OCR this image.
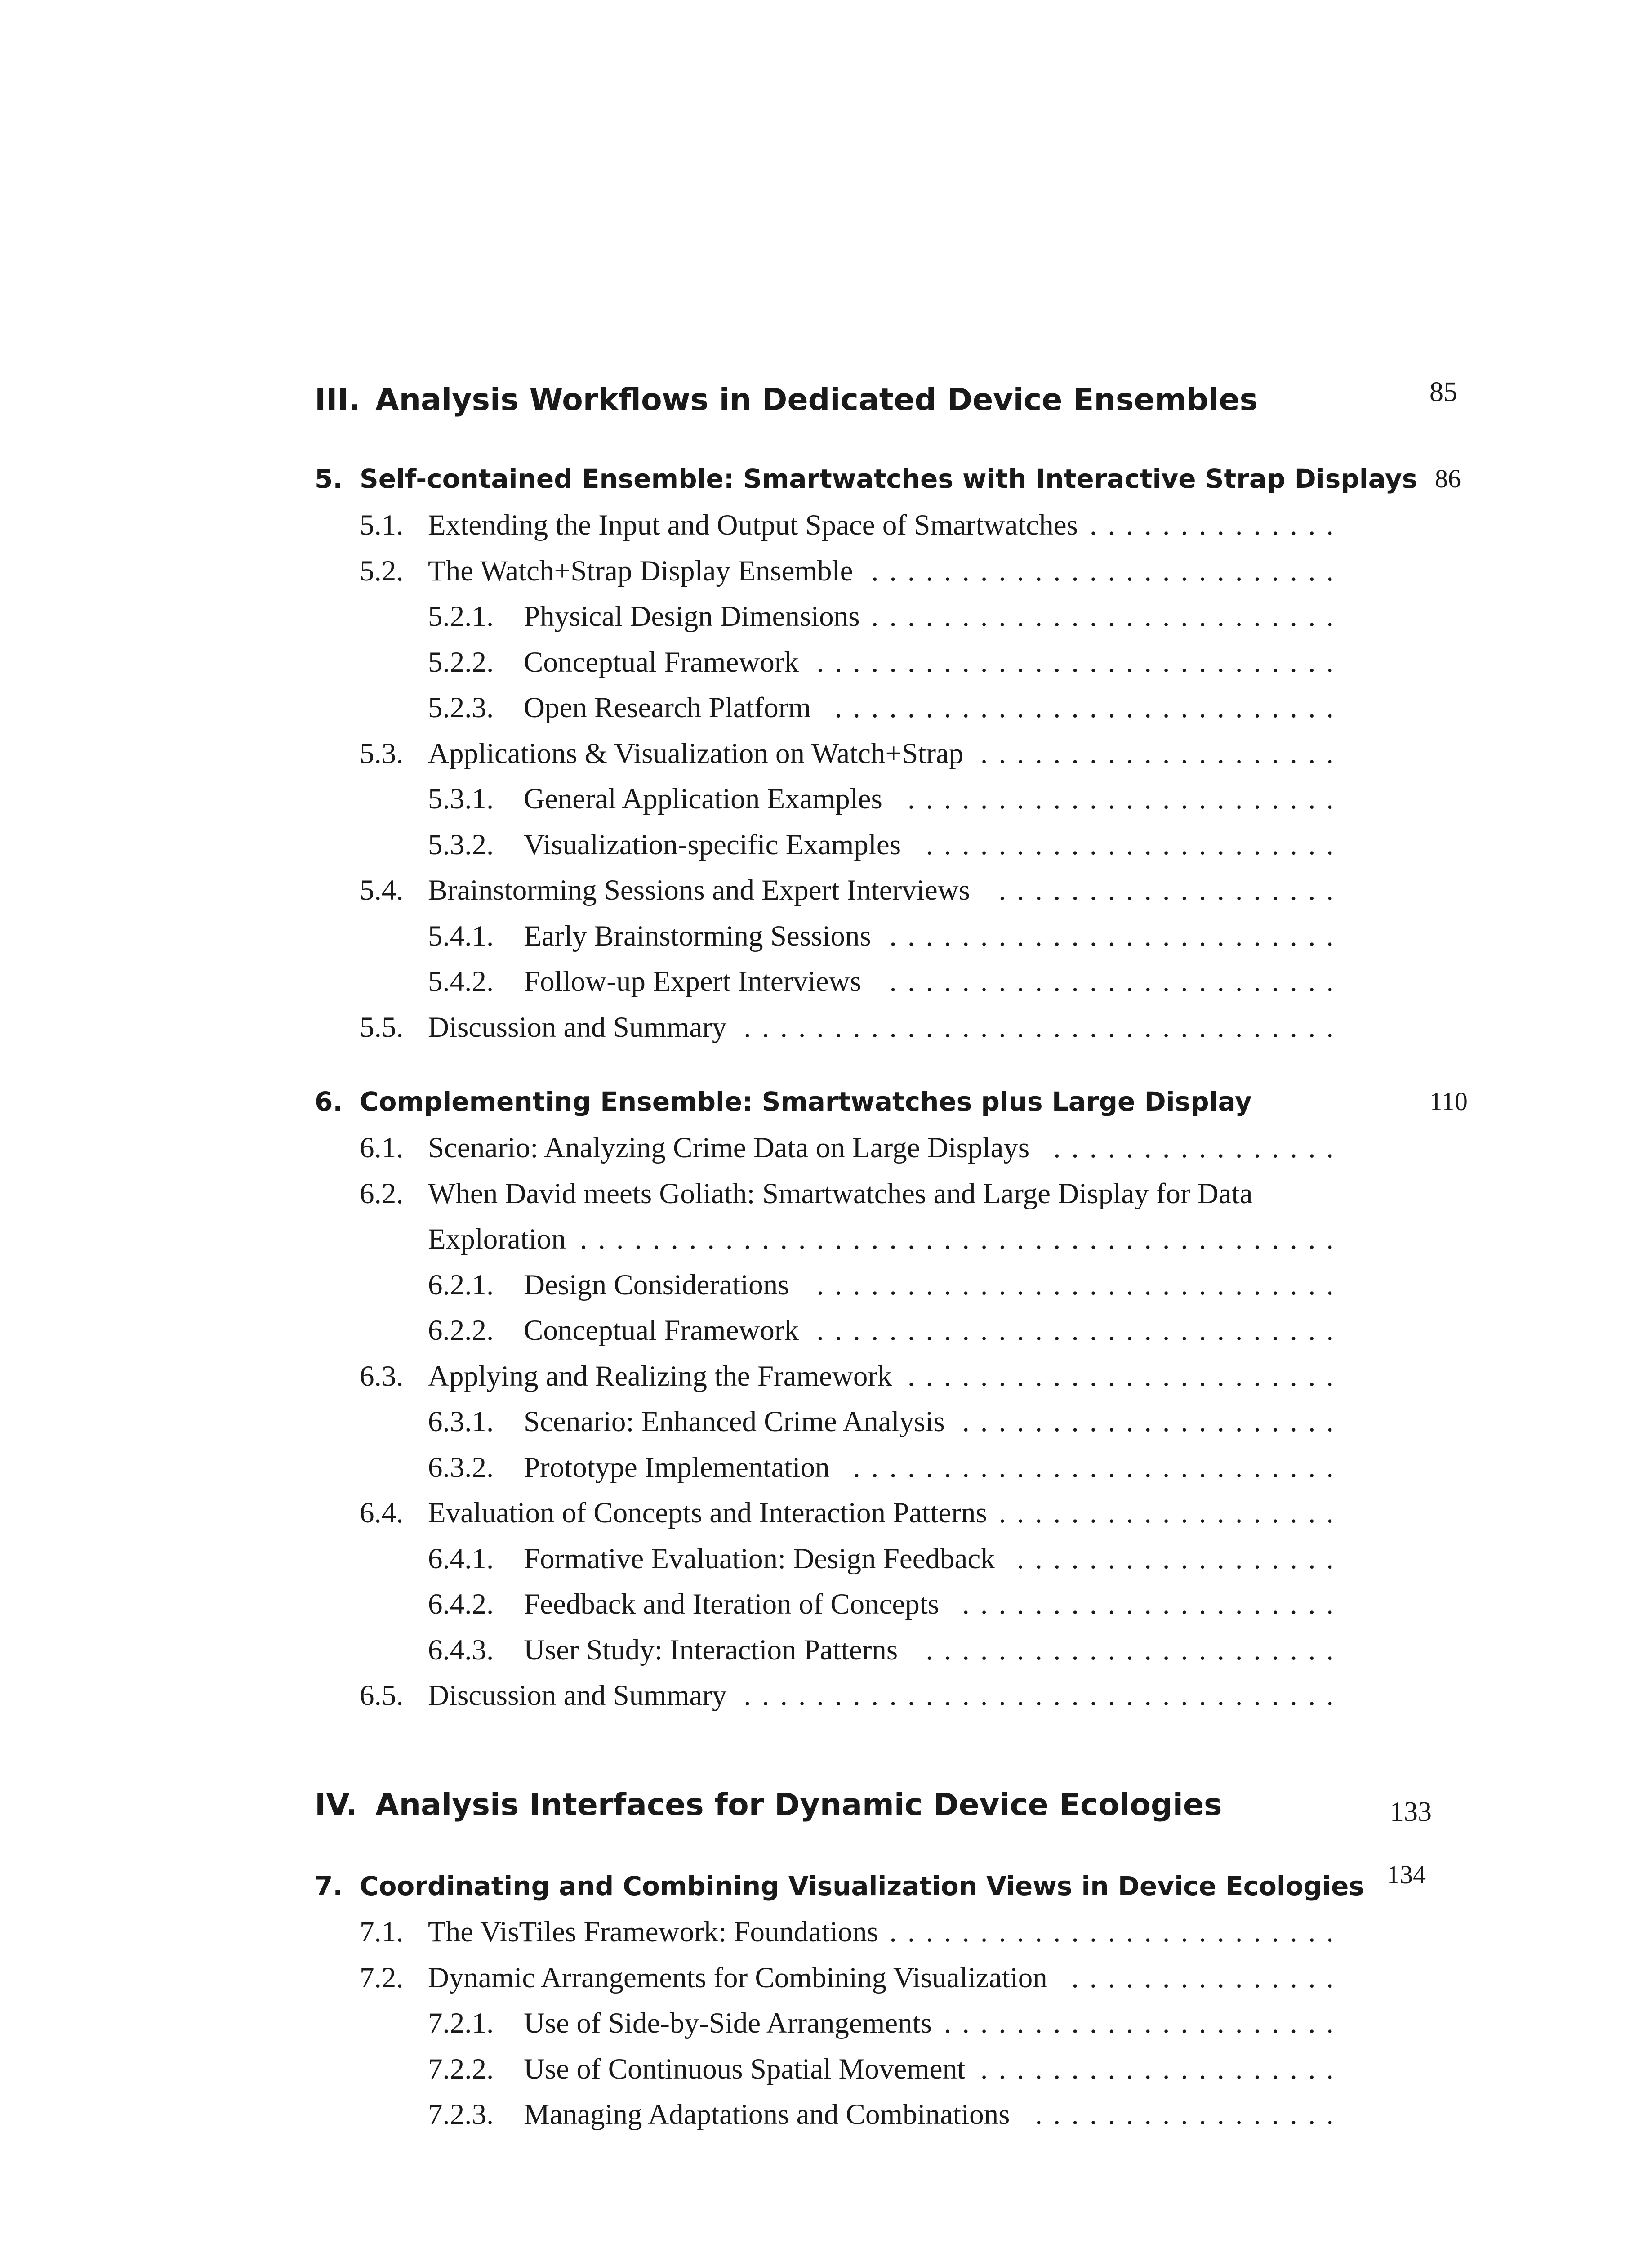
III. Analysis Workflows in Dedicated Device Ensembles	85
5. Self-contained Ensemble: Smartwatches with Interactive Strap Displays 86
5.1. Extending the Input and Output Space of Smartwatches . . . . . . . . . . . . . .
5.2. The Watch+Strap Display Ensemble . . . . . . . . . . . . . . . . . . . . . . . . . .
5.2.1. Physical Design Dimensions . . . . . . . . . . . . . . . . . . . . . . . . . .
5.2.2. Conceptual Framework . . . . . . . . . . . . . . . . . . . . . . . . . . . . .
5.2.3. Open Research Platform . . . . . . . . . . . . . . . . . . . . . . . . . . . .
5.3. Applications & Visualization on Watch+Strap . . . . . . . . . . . . . . . . . . . .
5.3.1. General Application Examples . . . . . . . . . . . . . . . . . . . . . . . .
5.3.2. Visualization-specific Examples . . . . . . . . . . . . . . . . . . . . . . .
5.4. Brainstorming Sessions and Expert Interviews . . . . . . . . . . . . . . . . . . .
5.4.1. Early Brainstorming Sessions . . . . . . . . . . . . . . . . . . . . . . . . .
5.4.2. Follow-up Expert Interviews . . . . . . . . . . . . . . . . . . . . . . . . .
5.5. Discussion and Summary . . . . . . . . . . . . . . . . . . . . . . . . . . . . . . . . .
6. Complementing Ensemble: Smartwatches plus Large Display	110
6.1. Scenario: Analyzing Crime Data on Large Displays . . . . . . . . . . . . . . . .
6.2. When David meets Goliath: Smartwatches and Large Display for Data
Exploration . . . . . . . . . . . . . . . . . . . . . . . . . . . . . . . . . . . . . . . . . .
6.2.1. Design Considerations . . . . . . . . . . . . . . . . . . . . . . . . . . . . .
6.2.2. Conceptual Framework . . . . . . . . . . . . . . . . . . . . . . . . . . . . .
6.3. Applying and Realizing the Framework . . . . . . . . . . . . . . . . . . . . . . . .
6.3.1. Scenario: Enhanced Crime Analysis . . . . . . . . . . . . . . . . . . . . .
6.3.2. Prototype Implementation . . . . . . . . . . . . . . . . . . . . . . . . . . .
6.4. Evaluation of Concepts and Interaction Patterns . . . . . . . . . . . . . . . . . . .
6.4.1. Formative Evaluation: Design Feedback . . . . . . . . . . . . . . . . . .
6.4.2. Feedback and Iteration of Concepts . . . . . . . . . . . . . . . . . . . . .
6.4.3. User Study: Interaction Patterns . . . . . . . . . . . . . . . . . . . . . . .
6.5. Discussion and Summary . . . . . . . . . . . . . . . . . . . . . . . . . . . . . . . . .
IV. Analysis Interfaces for Dynamic Device Ecologies	133
7. Coordinating and Combining Visualization Views in Device Ecologies 134
7.1. The VisTiles Framework: Foundations . . . . . . . . . . . . . . . . . . . . . . . . .
7.2. Dynamic Arrangements for Combining Visualization . . . . . . . . . . . . . . .
7.2.1. Use of Side-by-Side Arrangements . . . . . . . . . . . . . . . . . . . . . .
7.2.2. Use of Continuous Spatial Movement . . . . . . . . . . . . . . . . . . . .
7.2.3. Managing Adaptations and Combinations . . . . . . . . . . . . . . . . .
